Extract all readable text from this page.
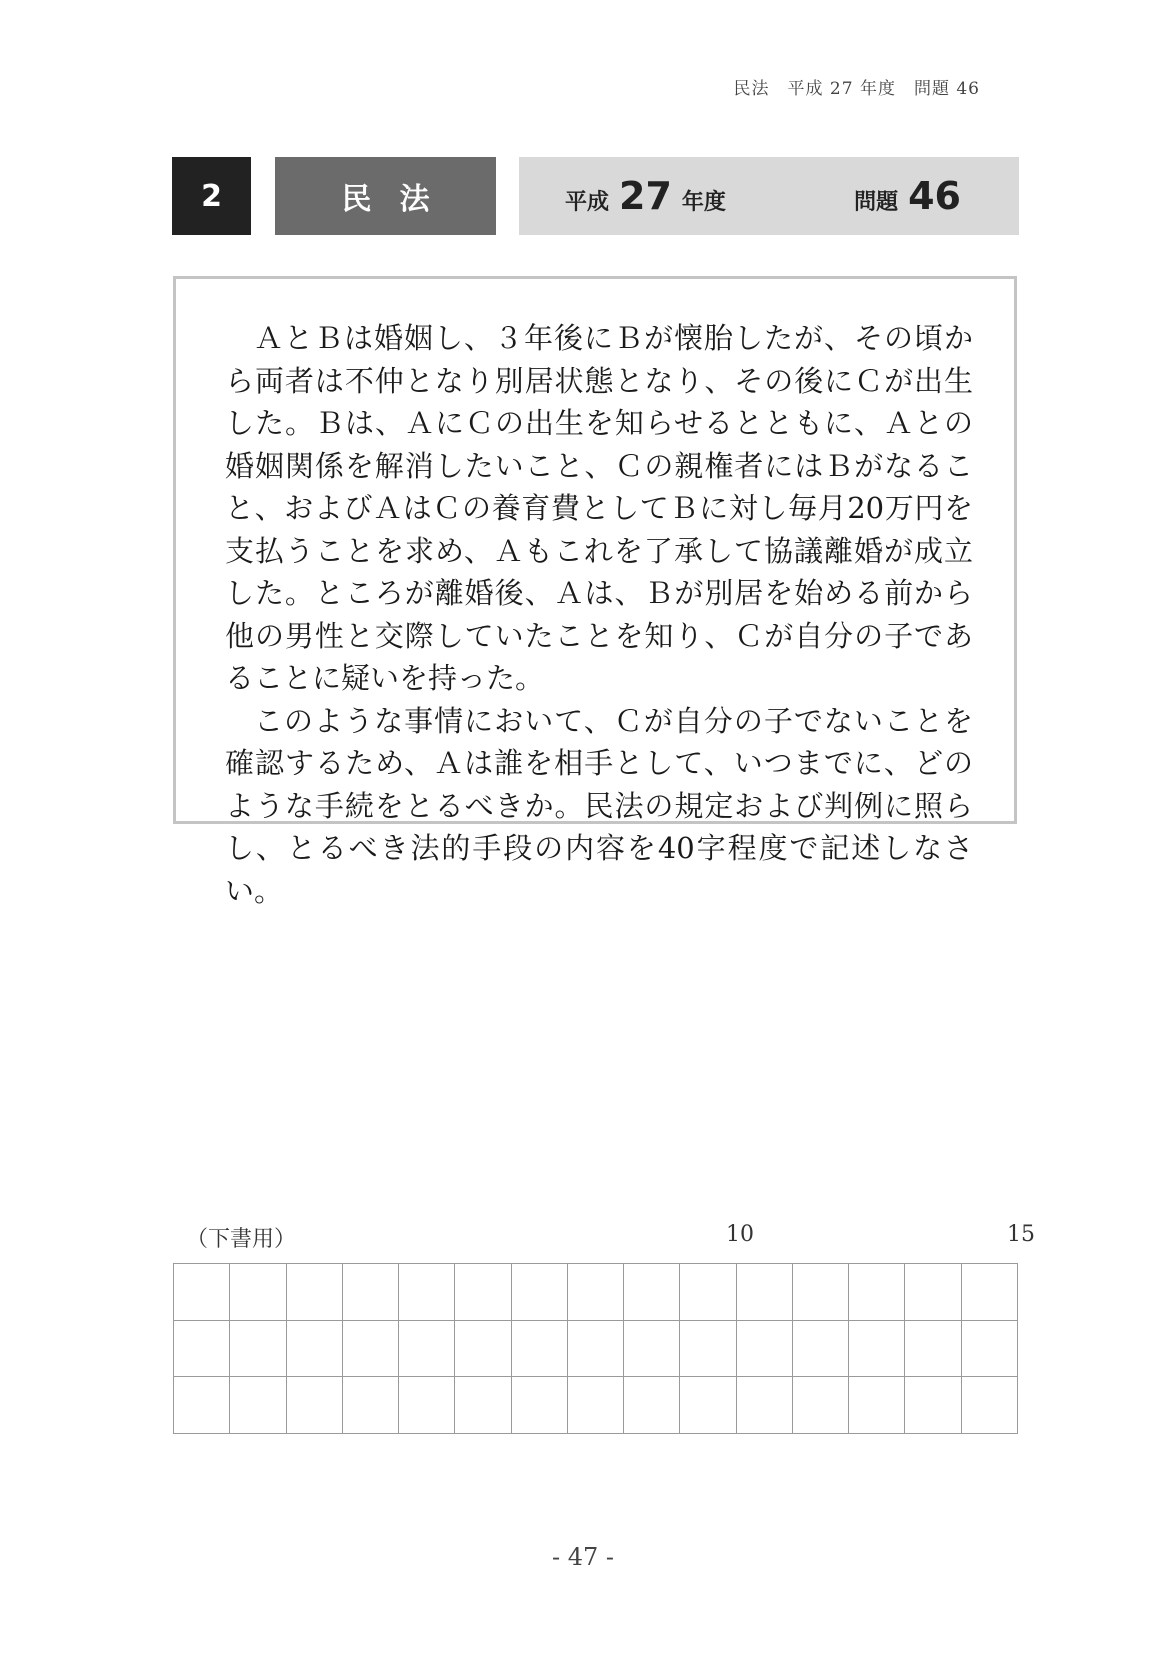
民法　平成 27 年度　問題 46
2	民法	平成 27 年度	問題 46

ＡとＢは婚姻し、３年後にＢが懐胎したが、その頃から両者は不仲となり別居状態となり、その後にＣが出生した。Ｂは、ＡにＣの出生を知らせるとともに、Ａとの婚姻関係を解消したいこと、Ｃの親権者にはＢがなること、およびＡはＣの養育費としてＢに対し毎月20万円を支払うことを求め、Ａもこれを了承して協議離婚が成立した。ところが離婚後、Ａは、Ｂが別居を始める前から他の男性と交際していたことを知り、Ｃが自分の子であることに疑いを持った。

このような事情において、Ｃが自分の子でないことを確認するため、Ａは誰を相手として、いつまでに、どのような手続をとるべきか。民法の規定および判例に照らし、とるべき法的手段の内容を40字程度で記述しなさい。

（下書用）	10	15
- 47 -
